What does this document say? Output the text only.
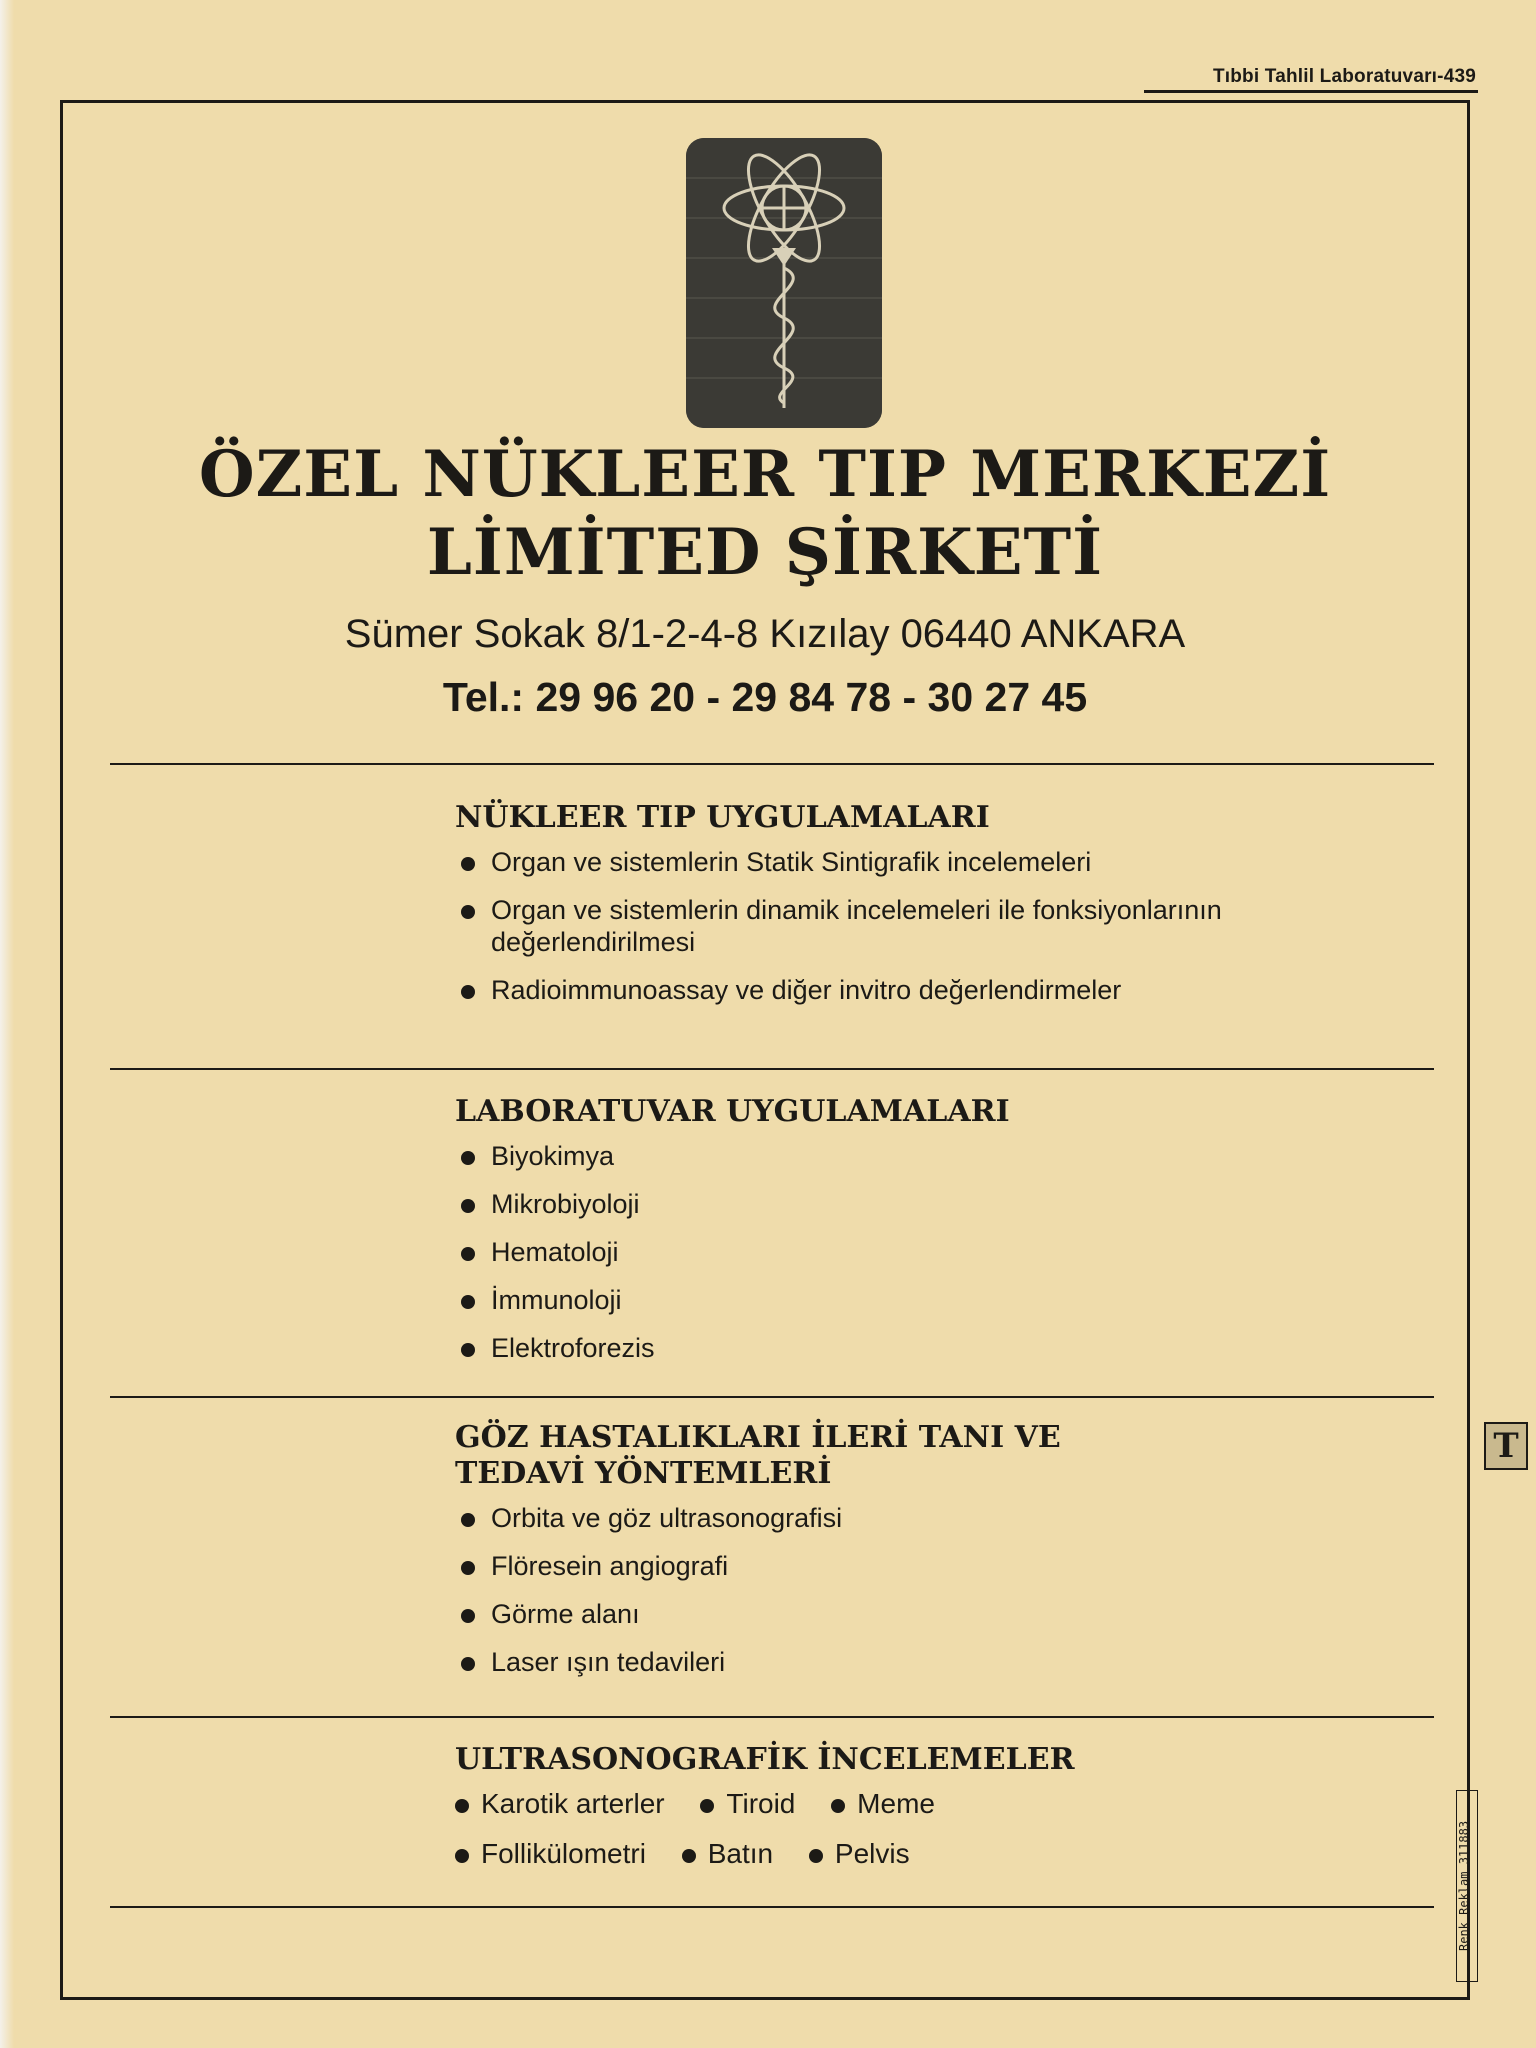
Tıbbi Tahlil Laboratuvarı-439
ÖZEL NÜKLEER TIP MERKEZİ
LİMİTED ŞİRKETİ
Sümer Sokak 8/1-2-4-8 Kızılay 06440 ANKARA
Tel.: 29 96 20 - 29 84 78 - 30 27 45
NÜKLEER TIP UYGULAMALARI
Organ ve sistemlerin Statik Sintigrafik incelemeleri
Organ ve sistemlerin dinamik incelemeleri ile fonksiyonlarının değerlendirilmesi
Radioimmunoassay ve diğer invitro değerlendirmeler
LABORATUVAR UYGULAMALARI
Biyokimya
Mikrobiyoloji
Hematoloji
İmmunoloji
Elektroforezis
GÖZ HASTALIKLARI İLERİ TANI VE
TEDAVİ YÖNTEMLERİ
Orbita ve göz ultrasonografisi
Flöresein angiografi
Görme alanı
Laser ışın tedavileri
ULTRASONOGRAFİK İNCELEMELER
Karotik arterler Tiroid Meme
Follikülometri Batın Pelvis
T
Renk Reklam 311883
